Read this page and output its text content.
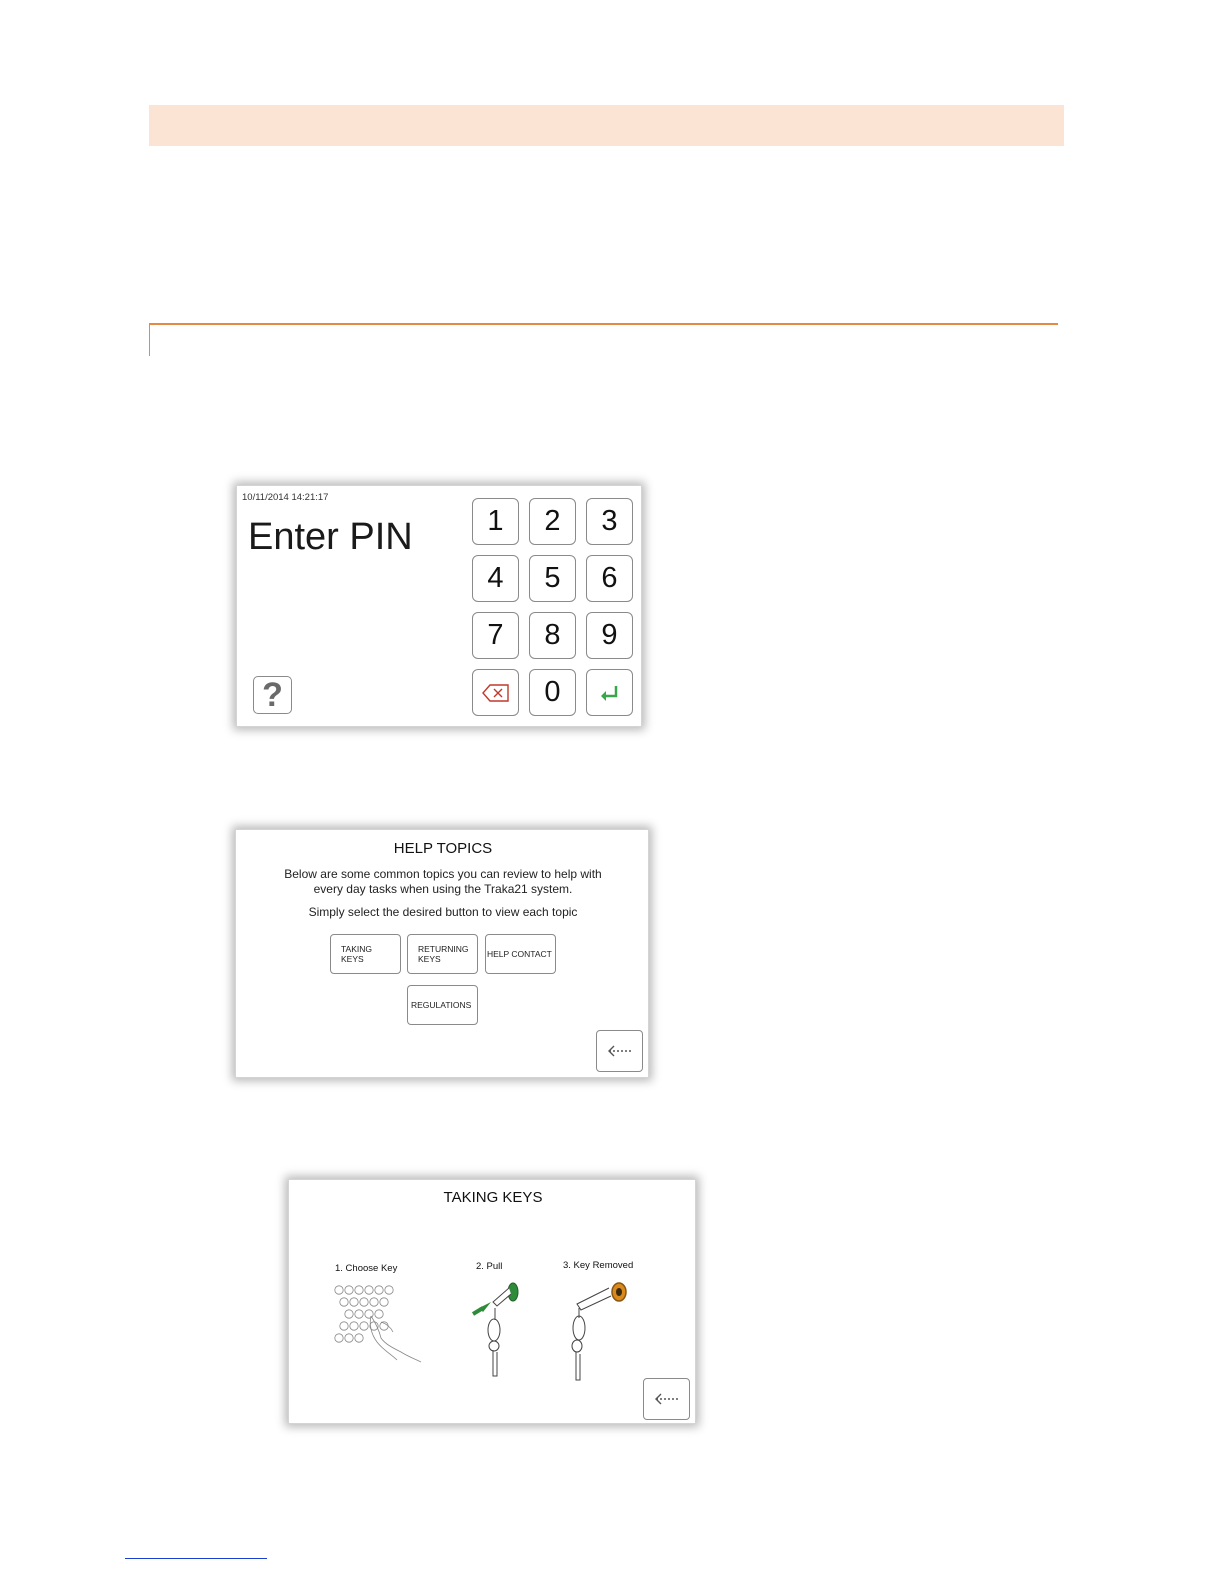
10/11/2014 14:21:17
Enter PIN
?
1	2	3
4	5	6
7	8	9
0
HELP TOPICS
Below are some common topics you can review to help with
every day tasks when using the Traka21 system.
Simply select the desired button to view each topic
TAKING
KEYS
RETURNING
KEYS	HELP CONTACT
REGULATIONS
TAKING KEYS
1. Choose Key	2. Pull	3. Key Removed
